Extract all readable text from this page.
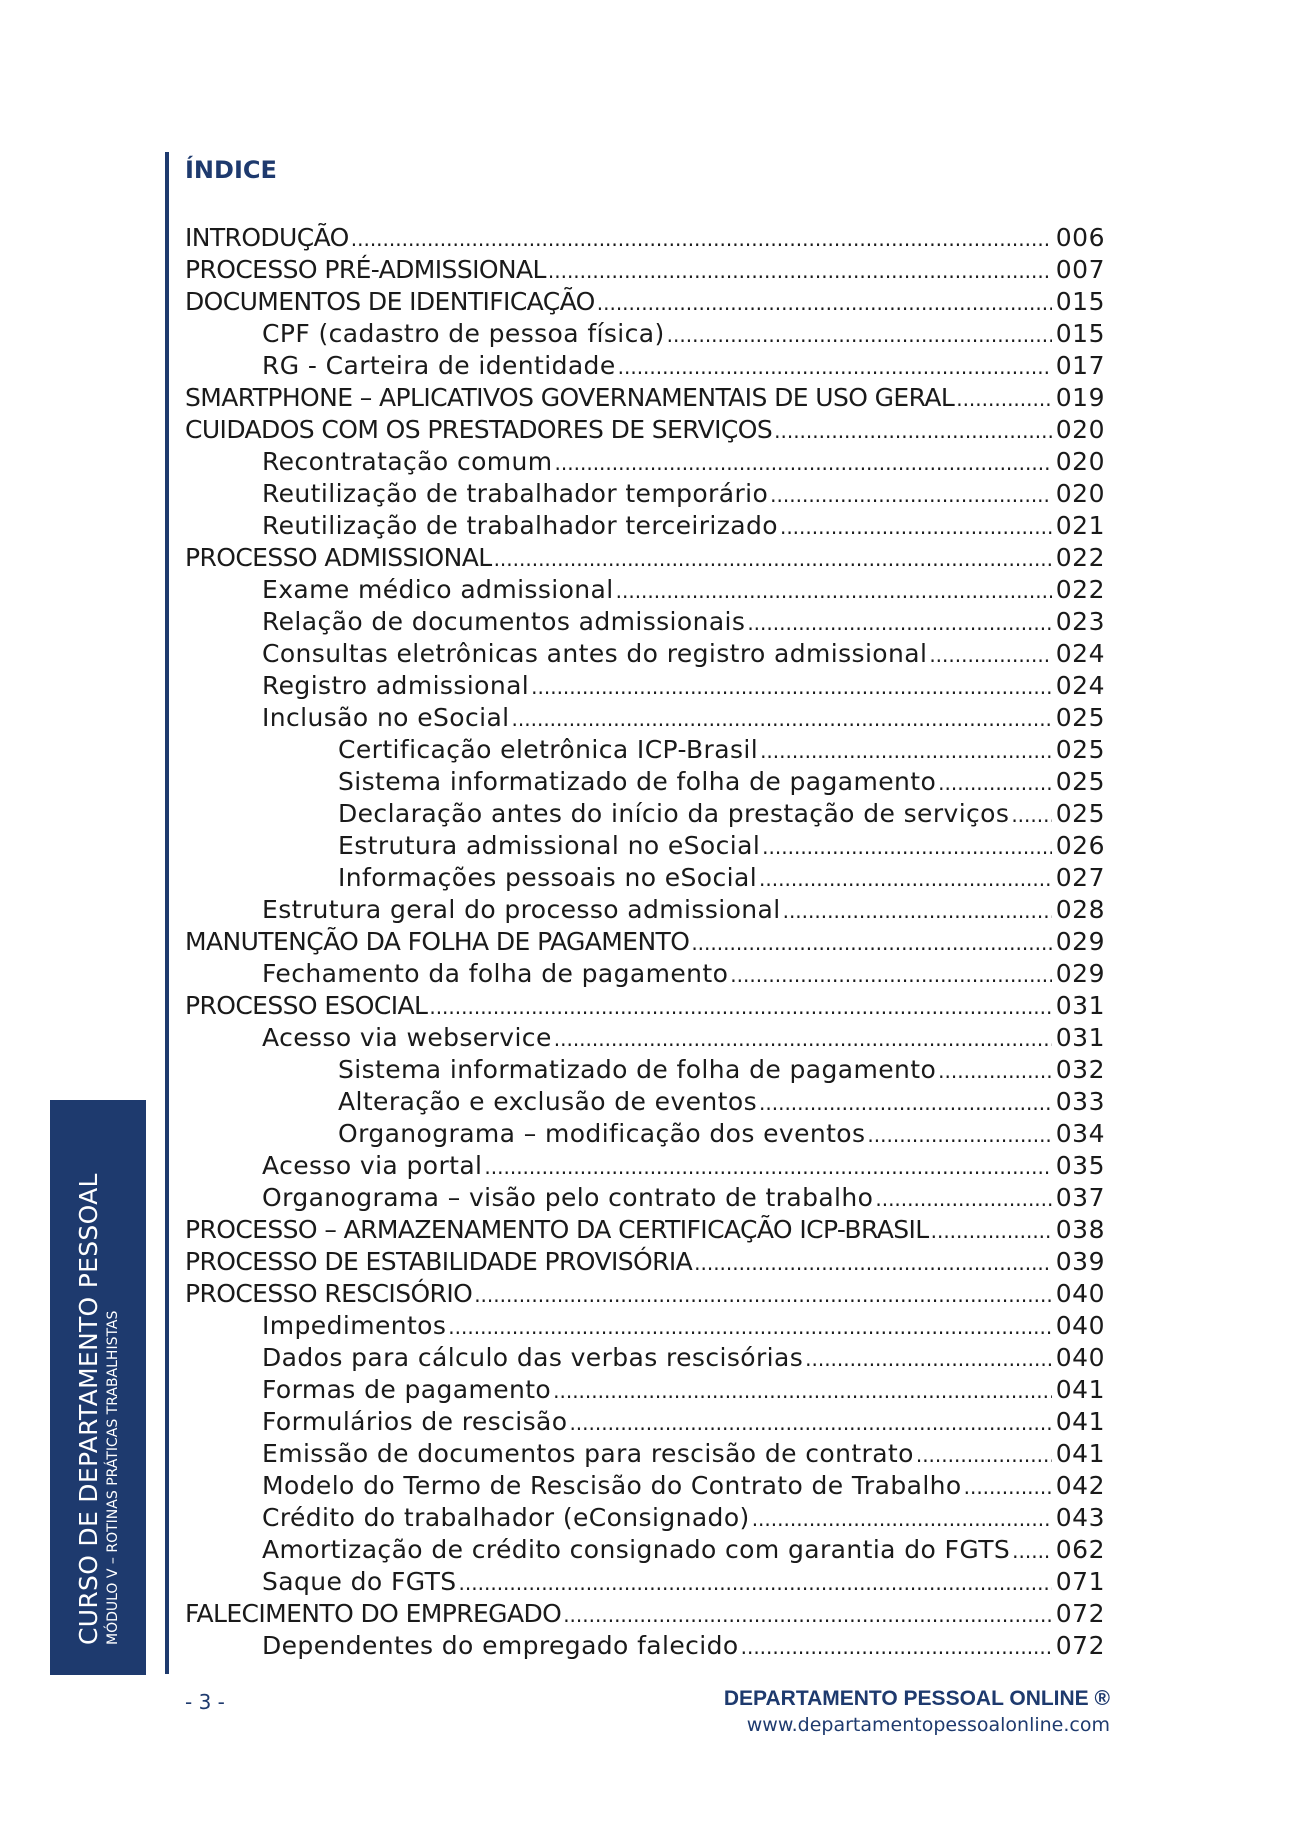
CURSO DE DEPARTAMENTO PESSOAL MÓDULO V – ROTINAS PRÁTICAS TRABALHISTAS
ÍNDICE
INTRODUÇÃO .....	006
PROCESSO PRÉ-ADMISSIONAL .....	007
DOCUMENTOS DE IDENTIFICAÇÃO .....	015
CPF (cadastro de pessoa física) .....	015
RG - Carteira de identidade .....	017
SMARTPHONE – APLICATIVOS GOVERNAMENTAIS DE USO GERAL .....	019
CUIDADOS COM OS PRESTADORES DE SERVIÇOS .....	020
Recontratação comum .....	020
Reutilização de trabalhador temporário .....	020
Reutilização de trabalhador terceirizado .....	021
PROCESSO ADMISSIONAL .....	022
Exame médico admissional .....	022
Relação de documentos admissionais .....	023
Consultas eletrônicas antes do registro admissional .....	024
Registro admissional .....	024
Inclusão no eSocial .....	025
Certificação eletrônica ICP-Brasil .....	025
Sistema informatizado de folha de pagamento .....	025
Declaração antes do início da prestação de serviços ..... 025
Estrutura admissional no eSocial .....	026
Informações pessoais no eSocial .....	027
Estrutura geral do processo admissional .....	028
MANUTENÇÃO DA FOLHA DE PAGAMENTO .....	029
Fechamento da folha de pagamento .....	029
PROCESSO ESOCIAL .....	031
Acesso via webservice .....	031
Sistema informatizado de folha de pagamento .....	032
Alteração e exclusão de eventos .....	033
Organograma – modificação dos eventos .....	034
Acesso via portal .....	035
Organograma – visão pelo contrato de trabalho .....	037
PROCESSO – ARMAZENAMENTO DA CERTIFICAÇÃO ICP-BRASIL .....	038
PROCESSO DE ESTABILIDADE PROVISÓRIA .....	039
PROCESSO RESCISÓRIO .....	040
Impedimentos .....	040
Dados para cálculo das verbas rescisórias .....	040
Formas de pagamento .....	041
Formulários de rescisão .....	041
Emissão de documentos para rescisão de contrato .....	041
Modelo do Termo de Rescisão do Contrato de Trabalho .....	042
Crédito do trabalhador (eConsignado) .....	043
Amortização de crédito consignado com garantia do FGTS ..... 062
Saque do FGTS .....	071
FALECIMENTO DO EMPREGADO .....	072
Dependentes do empregado falecido .....	072
- 3 -	DEPARTAMENTO PESSOAL ONLINE ®
www.departamentopessoalonline.com
